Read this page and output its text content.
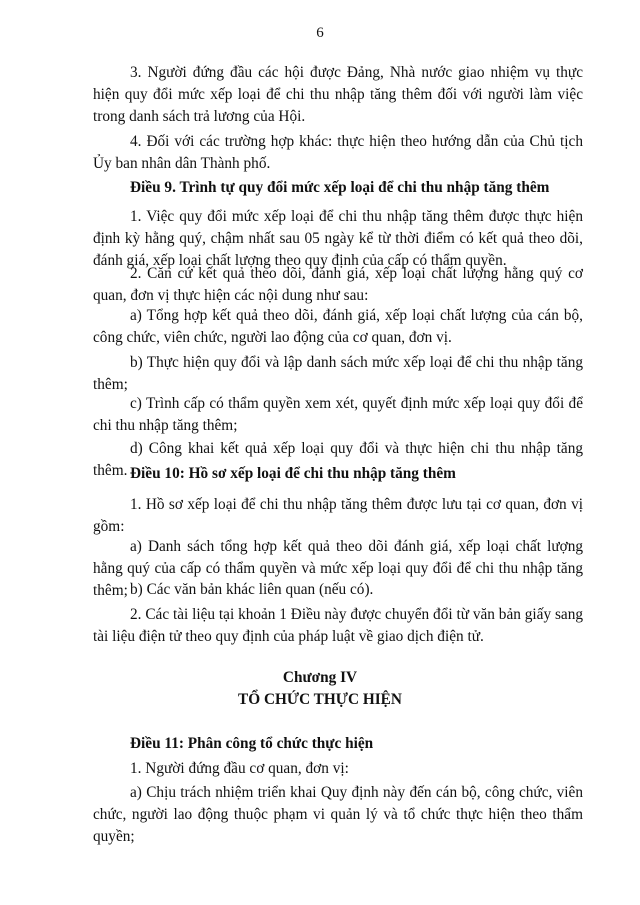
6

3. Người đứng đầu các hội được Đảng, Nhà nước giao nhiệm vụ thực hiện quy đổi mức xếp loại để chi thu nhập tăng thêm đối với người làm việc trong danh sách trả lương của Hội.

4. Đối với các trường hợp khác: thực hiện theo hướng dẫn của Chủ tịch Ủy ban nhân dân Thành phố.

Điều 9. Trình tự quy đổi mức xếp loại để chi thu nhập tăng thêm

1. Việc quy đổi mức xếp loại để chi thu nhập tăng thêm được thực hiện định kỳ hằng quý, chậm nhất sau 05 ngày kể từ thời điểm có kết quả theo dõi, đánh giá, xếp loại chất lượng theo quy định của cấp có thẩm quyền.

2. Căn cứ kết quả theo dõi, đánh giá, xếp loại chất lượng hằng quý cơ quan, đơn vị thực hiện các nội dung như sau:

a) Tổng hợp kết quả theo dõi, đánh giá, xếp loại chất lượng của cán bộ, công chức, viên chức, người lao động của cơ quan, đơn vị.

b) Thực hiện quy đổi và lập danh sách mức xếp loại để chi thu nhập tăng thêm;

c) Trình cấp có thẩm quyền xem xét, quyết định mức xếp loại quy đổi để chi thu nhập tăng thêm;

d) Công khai kết quả xếp loại quy đổi và thực hiện chi thu nhập tăng thêm. Điều 10: Hồ sơ xếp loại để chi thu nhập tăng thêm

1. Hồ sơ xếp loại để chi thu nhập tăng thêm được lưu tại cơ quan, đơn vị gồm:

a) Danh sách tổng hợp kết quả theo dõi đánh giá, xếp loại chất lượng hằng quý của cấp có thẩm quyền và mức xếp loại quy đổi để chi thu nhập tăng thêm; b) Các văn bản khác liên quan (nếu có).

2. Các tài liệu tại khoản 1 Điều này được chuyển đổi từ văn bản giấy sang tài liệu điện tử theo quy định của pháp luật về giao dịch điện tử.

Chương IV

TỔ CHỨC THỰC HIỆN

Điều 11: Phân công tổ chức thực hiện

1. Người đứng đầu cơ quan, đơn vị:

a) Chịu trách nhiệm triển khai Quy định này đến cán bộ, công chức, viên chức, người lao động thuộc phạm vi quản lý và tổ chức thực hiện theo thẩm quyền;
